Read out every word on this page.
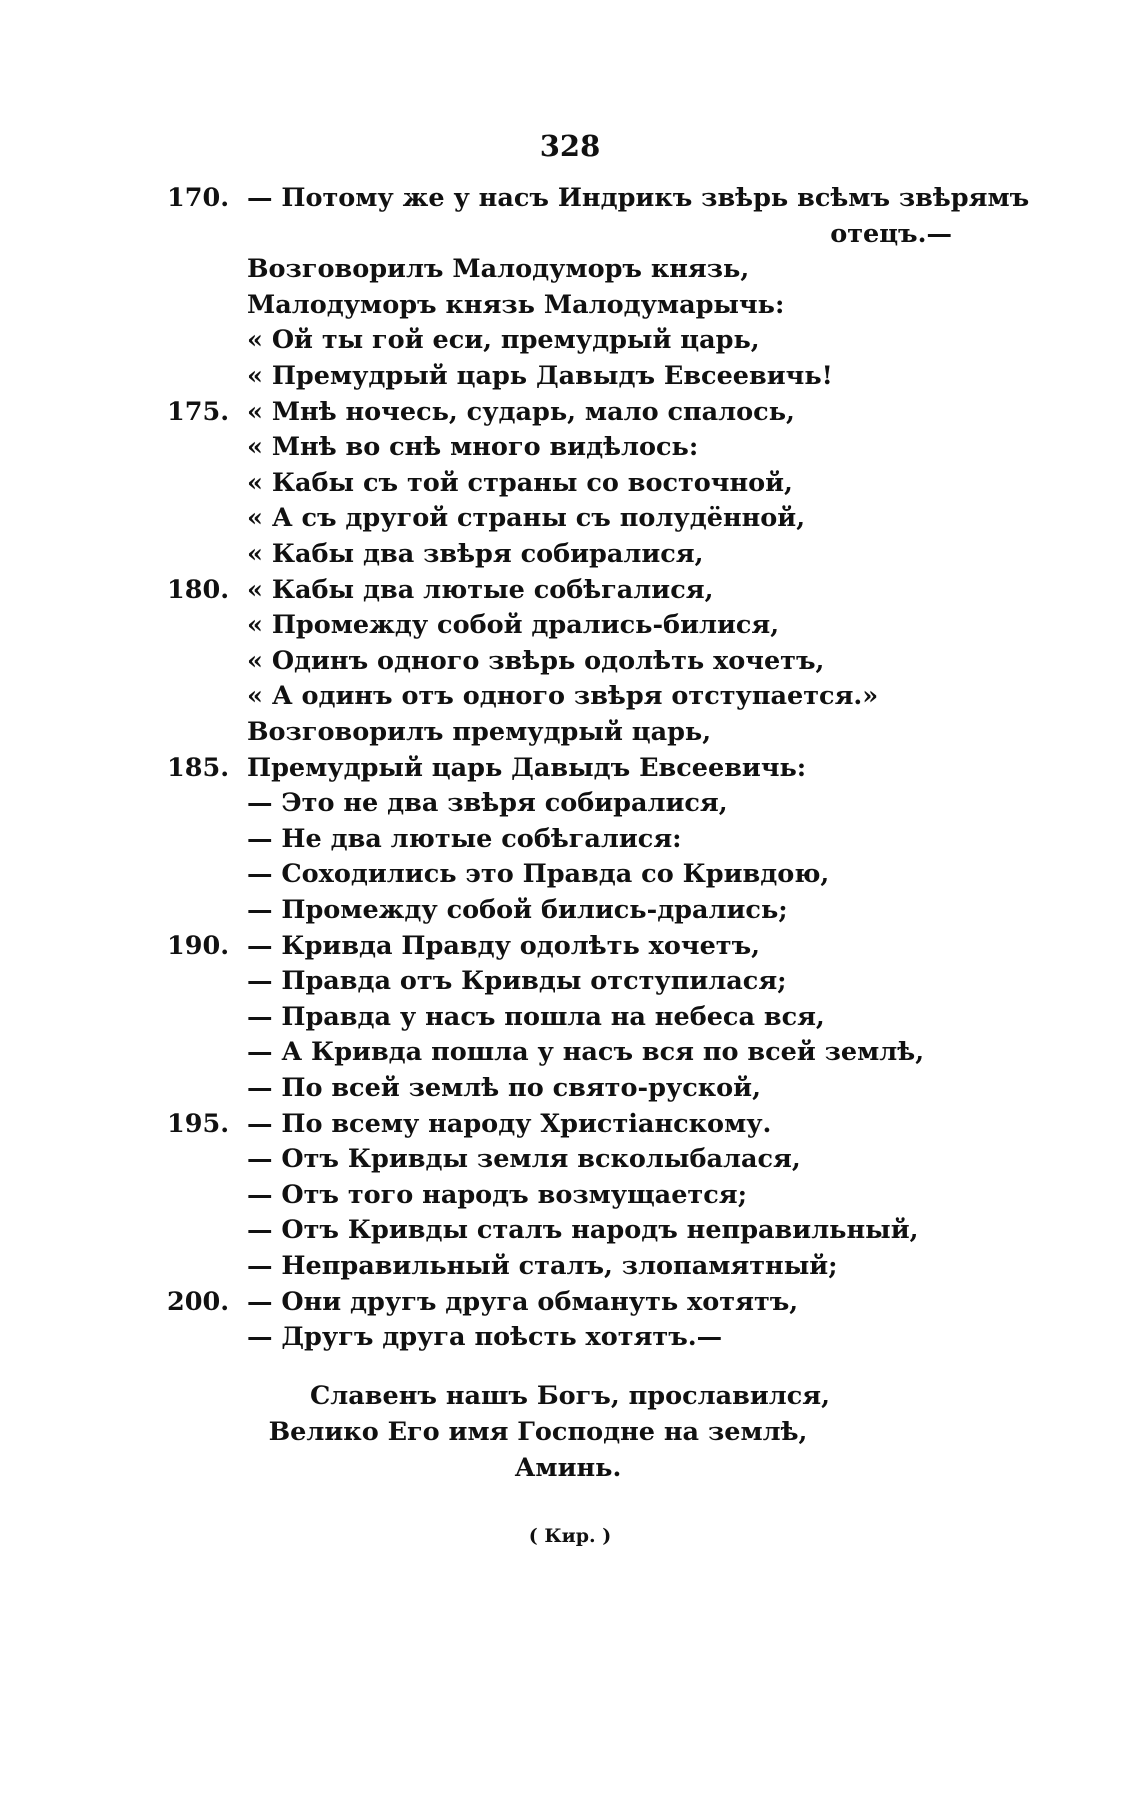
328
170. — Потому же у насъ Индрикъ звѣрь всѣмъ звѣрямъ
отецъ.—
Возговорилъ Малодуморъ князь,
Малодуморъ князь Малодумарычь:
« Ой ты гой еси, премудрый царь,
« Премудрый царь Давыдъ Евсеевичь!
175. « Мнѣ ночесь, сударь, мало спалось,
« Мнѣ во снѣ много видѣлось:
« Кабы съ той страны со восточной,
« А съ другой страны съ полудённой,
« Кабы два звѣря собиралися,
180. « Кабы два лютые собѣгалися,
« Промежду собой дрались-билися,
« Одинъ одного звѣрь одолѣть хочетъ,
« А одинъ отъ одного звѣря отступается.»
Возговорилъ премудрый царь,
185. Премудрый царь Давыдъ Евсеевичь:
— Это не два звѣря собиралися,
— Не два лютые собѣгалися:
— Соходились это Правда со Кривдою,
— Промежду собой бились-дрались;
190. — Кривда Правду одолѣть хочетъ,
— Правда отъ Кривды отступилася;
— Правда у насъ пошла на небеса вся,
— А Кривда пошла у насъ вся по всей землѣ,
— По всей землѣ по свято-руской,
195. — По всему народу Христіанскому.
— Отъ Кривды земля всколыбалася,
— Отъ того народъ возмущается;
— Отъ Кривды сталъ народъ неправильный,
— Неправильный сталъ, злопамятный;
200. — Они другъ друга обмануть хотятъ,
— Другъ друга поѣсть хотятъ.—
Славенъ нашъ Богъ, прославился,
Велико Его имя Господне на землѣ,
Аминь.
( Кир. )
